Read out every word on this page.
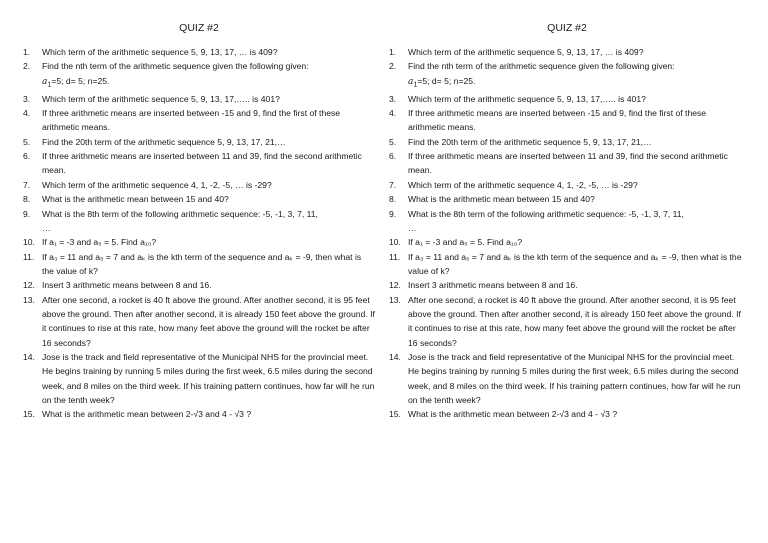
QUIZ #2
1.	Which term of the arithmetic sequence 5, 9, 13, 17, … is 409?
2.	Find the nth term of the arithmetic sequence given the following given:
$a_1=5$; d= 5; n=25.
3.	Which term of the arithmetic sequence 5, 9, 13, 17,….. is 401?
4.	If three arithmetic means are inserted between -15 and 9, find the first of these arithmetic means.
5.	Find the 20th term of the arithmetic sequence 5, 9, 13, 17, 21,…
6.	If three arithmetic means are inserted between 11 and 39, find the second arithmetic mean.
7.	Which term of the arithmetic sequence 4, 1, -2, -5, … is -29?
8.	What is the arithmetic mean between 15 and 40?
9.	What is the 8th term of the following arithmetic sequence: -5, -1, 3, 7, 11,
…
10. If a₁ = -3 and a₅ = 5. Find a₁₀?
11. If a₃ = 11 and a₅ = 7 and aₖ is the kth term of the sequence and aₖ = -9, then what is the value of k?
12. Insert 3 arithmetic means between 8 and 16.
13. After one second, a rocket is 40 ft above the ground. After another second, it is 95 feet above the ground. Then after another second, it is already 150 feet above the ground. If it continues to rise at this rate, how many feet above the ground will the rocket be after 16 seconds?
14. Jose is the track and field representative of the Municipal NHS for the provincial meet. He begins training by running 5 miles during the first week, 6.5 miles during the second week, and 8 miles on the third week. If his training pattern continues, how far will he run on the tenth week?
15. What is the arithmetic mean between 2-√3 and 4 - √3 ?
QUIZ #2
1.	Which term of the arithmetic sequence 5, 9, 13, 17, … is 409?
2.	Find the nth term of the arithmetic sequence given the following given:
$a_1=5$; d= 5; n=25.
3.	Which term of the arithmetic sequence 5, 9, 13, 17,….. is 401?
4.	If three arithmetic means are inserted between -15 and 9, find the first of these arithmetic means.
5.	Find the 20th term of the arithmetic sequence 5, 9, 13, 17, 21,…
6.	If three arithmetic means are inserted between 11 and 39, find the second arithmetic mean.
7.	Which term of the arithmetic sequence 4, 1, -2, -5, … is -29?
8.	What is the arithmetic mean between 15 and 40?
9.	What is the 8th term of the following arithmetic sequence: -5, -1, 3, 7, 11,
…
10. If a₁ = -3 and a₅ = 5. Find a₁₀?
11. If a₃ = 11 and a₅ = 7 and aₖ is the kth term of the sequence and aₖ = -9, then what is the value of k?
12. Insert 3 arithmetic means between 8 and 16.
13. After one second, a rocket is 40 ft above the ground. After another second, it is 95 feet above the ground. Then after another second, it is already 150 feet above the ground. If it continues to rise at this rate, how many feet above the ground will the rocket be after 16 seconds?
14. Jose is the track and field representative of the Municipal NHS for the provincial meet. He begins training by running 5 miles during the first week, 6.5 miles during the second week, and 8 miles on the third week. If his training pattern continues, how far will he run on the tenth week?
15. What is the arithmetic mean between 2-√3 and 4 - √3 ?
